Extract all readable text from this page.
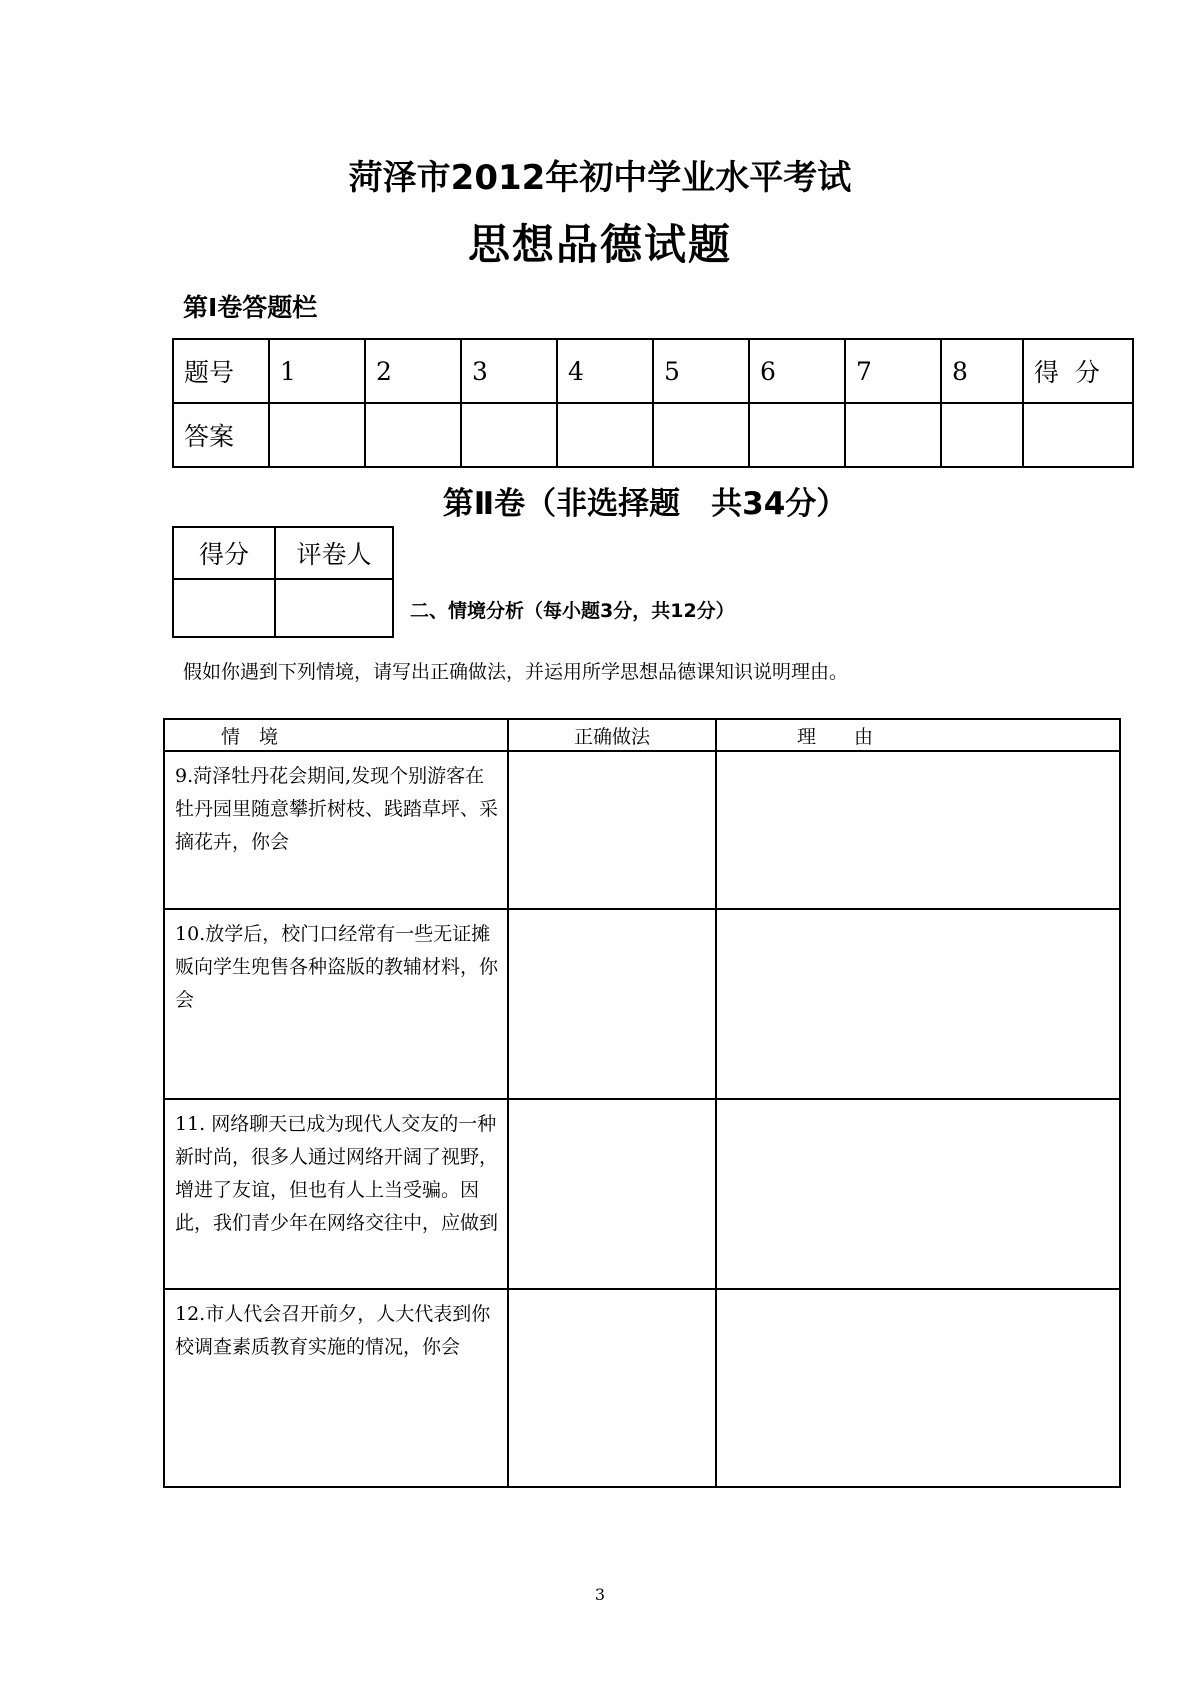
菏泽市2012年初中学业水平考试
思想品德试题
第Ⅰ卷答题栏
题号	1	2	3	4	5	6	7	8	得  分
答案									
第Ⅱ卷（非选择题　共34分）
得分	评卷人

二、情境分析（每小题3分，共12分）
假如你遇到下列情境，请写出正确做法，并运用所学思想品德课知识说明理由。
情　境	正确做法	理　　由
9.菏泽牡丹花会期间,发现个别游客在牡丹园里随意攀折树枝、践踏草坪、采摘花卉，你会		
10.放学后，校门口经常有一些无证摊贩向学生兜售各种盗版的教辅材料，你会		
11. 网络聊天已成为现代人交友的一种新时尚，很多人通过网络开阔了视野，增进了友谊，但也有人上当受骗。因此，我们青少年在网络交往中，应做到		
12.市人代会召开前夕，人大代表到你校调查素质教育实施的情况，你会		
3
